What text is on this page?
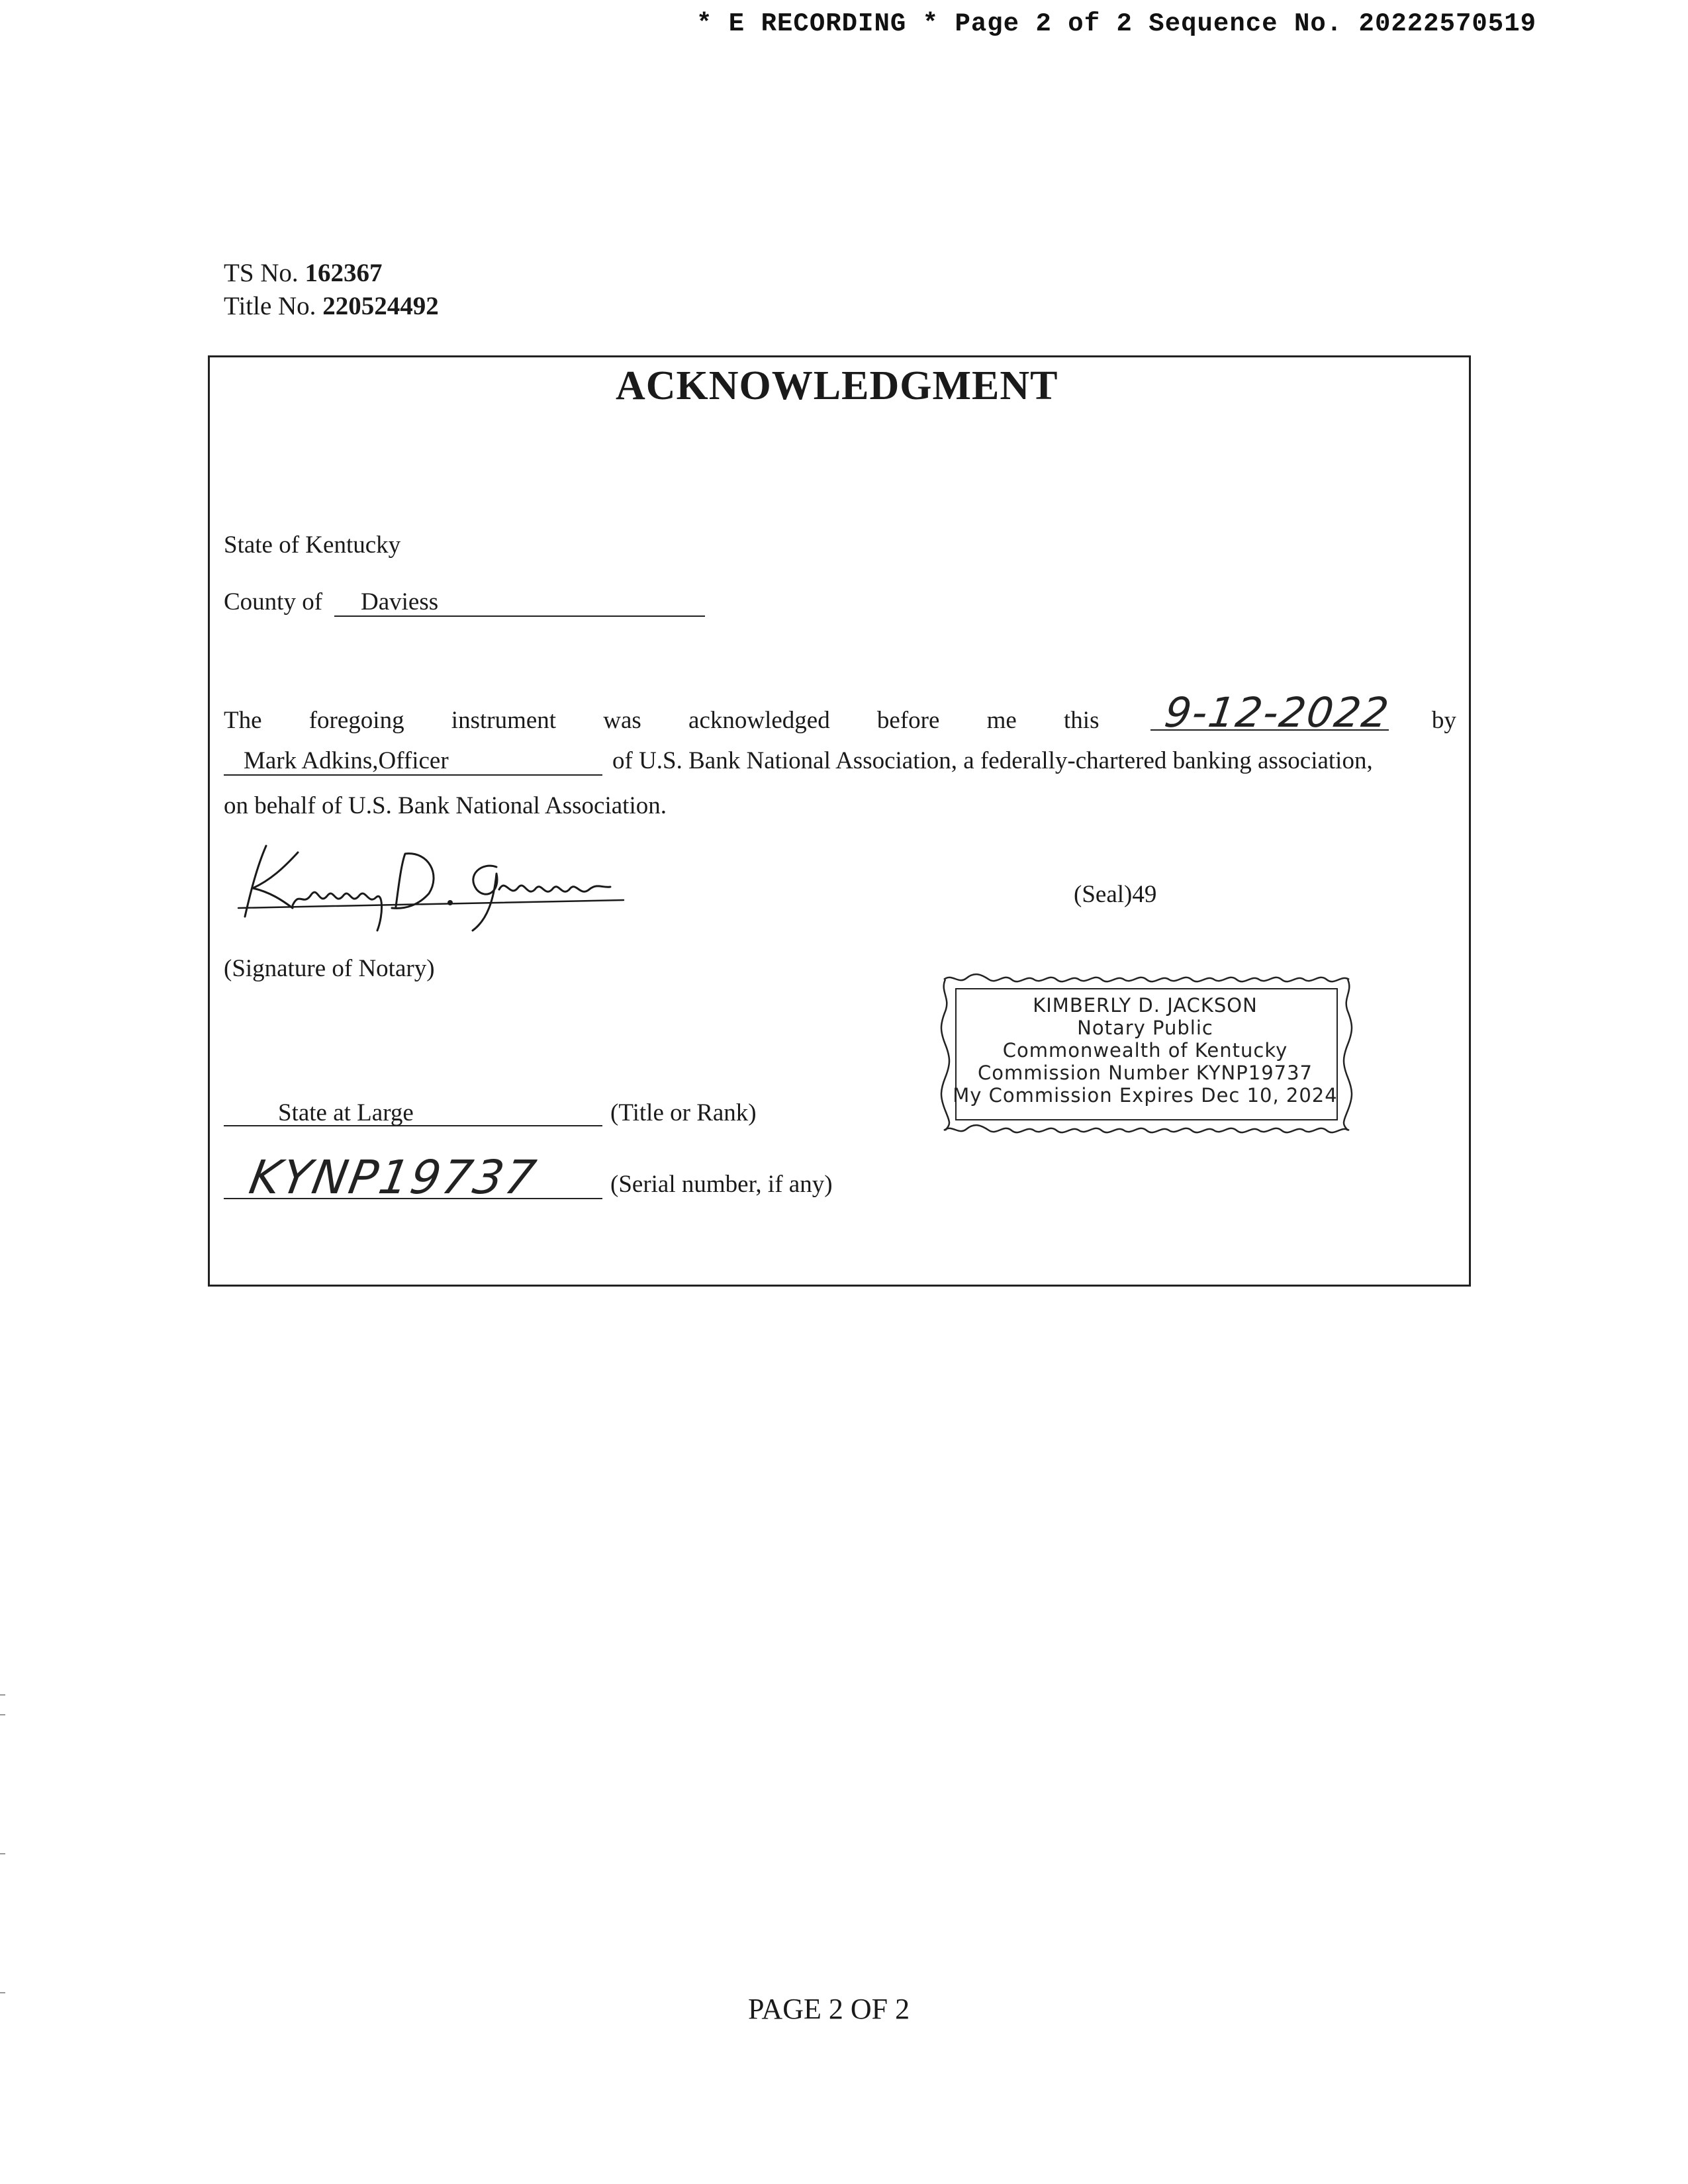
* E RECORDING * Page 2 of 2 Sequence No. 20222570519
TS No. 162367
Title No. 220524492
ACKNOWLEDGMENT
State of Kentucky
County of Daviess
The foregoing instrument was acknowledged before me this	by
9-12-2022
Mark Adkins,Officer	of U.S. Bank National Association, a federally-chartered banking association,
on behalf of U.S. Bank National Association.
(Seal)49
(Signature of Notary)
KIMBERLY D. JACKSON
Notary Public
Commonwealth of Kentucky
Commission Number KYNP19737
My Commission Expires Dec 10, 2024
State at Large	(Title or Rank)
KYNP19737	(Serial number, if any)
PAGE 2 OF 2
